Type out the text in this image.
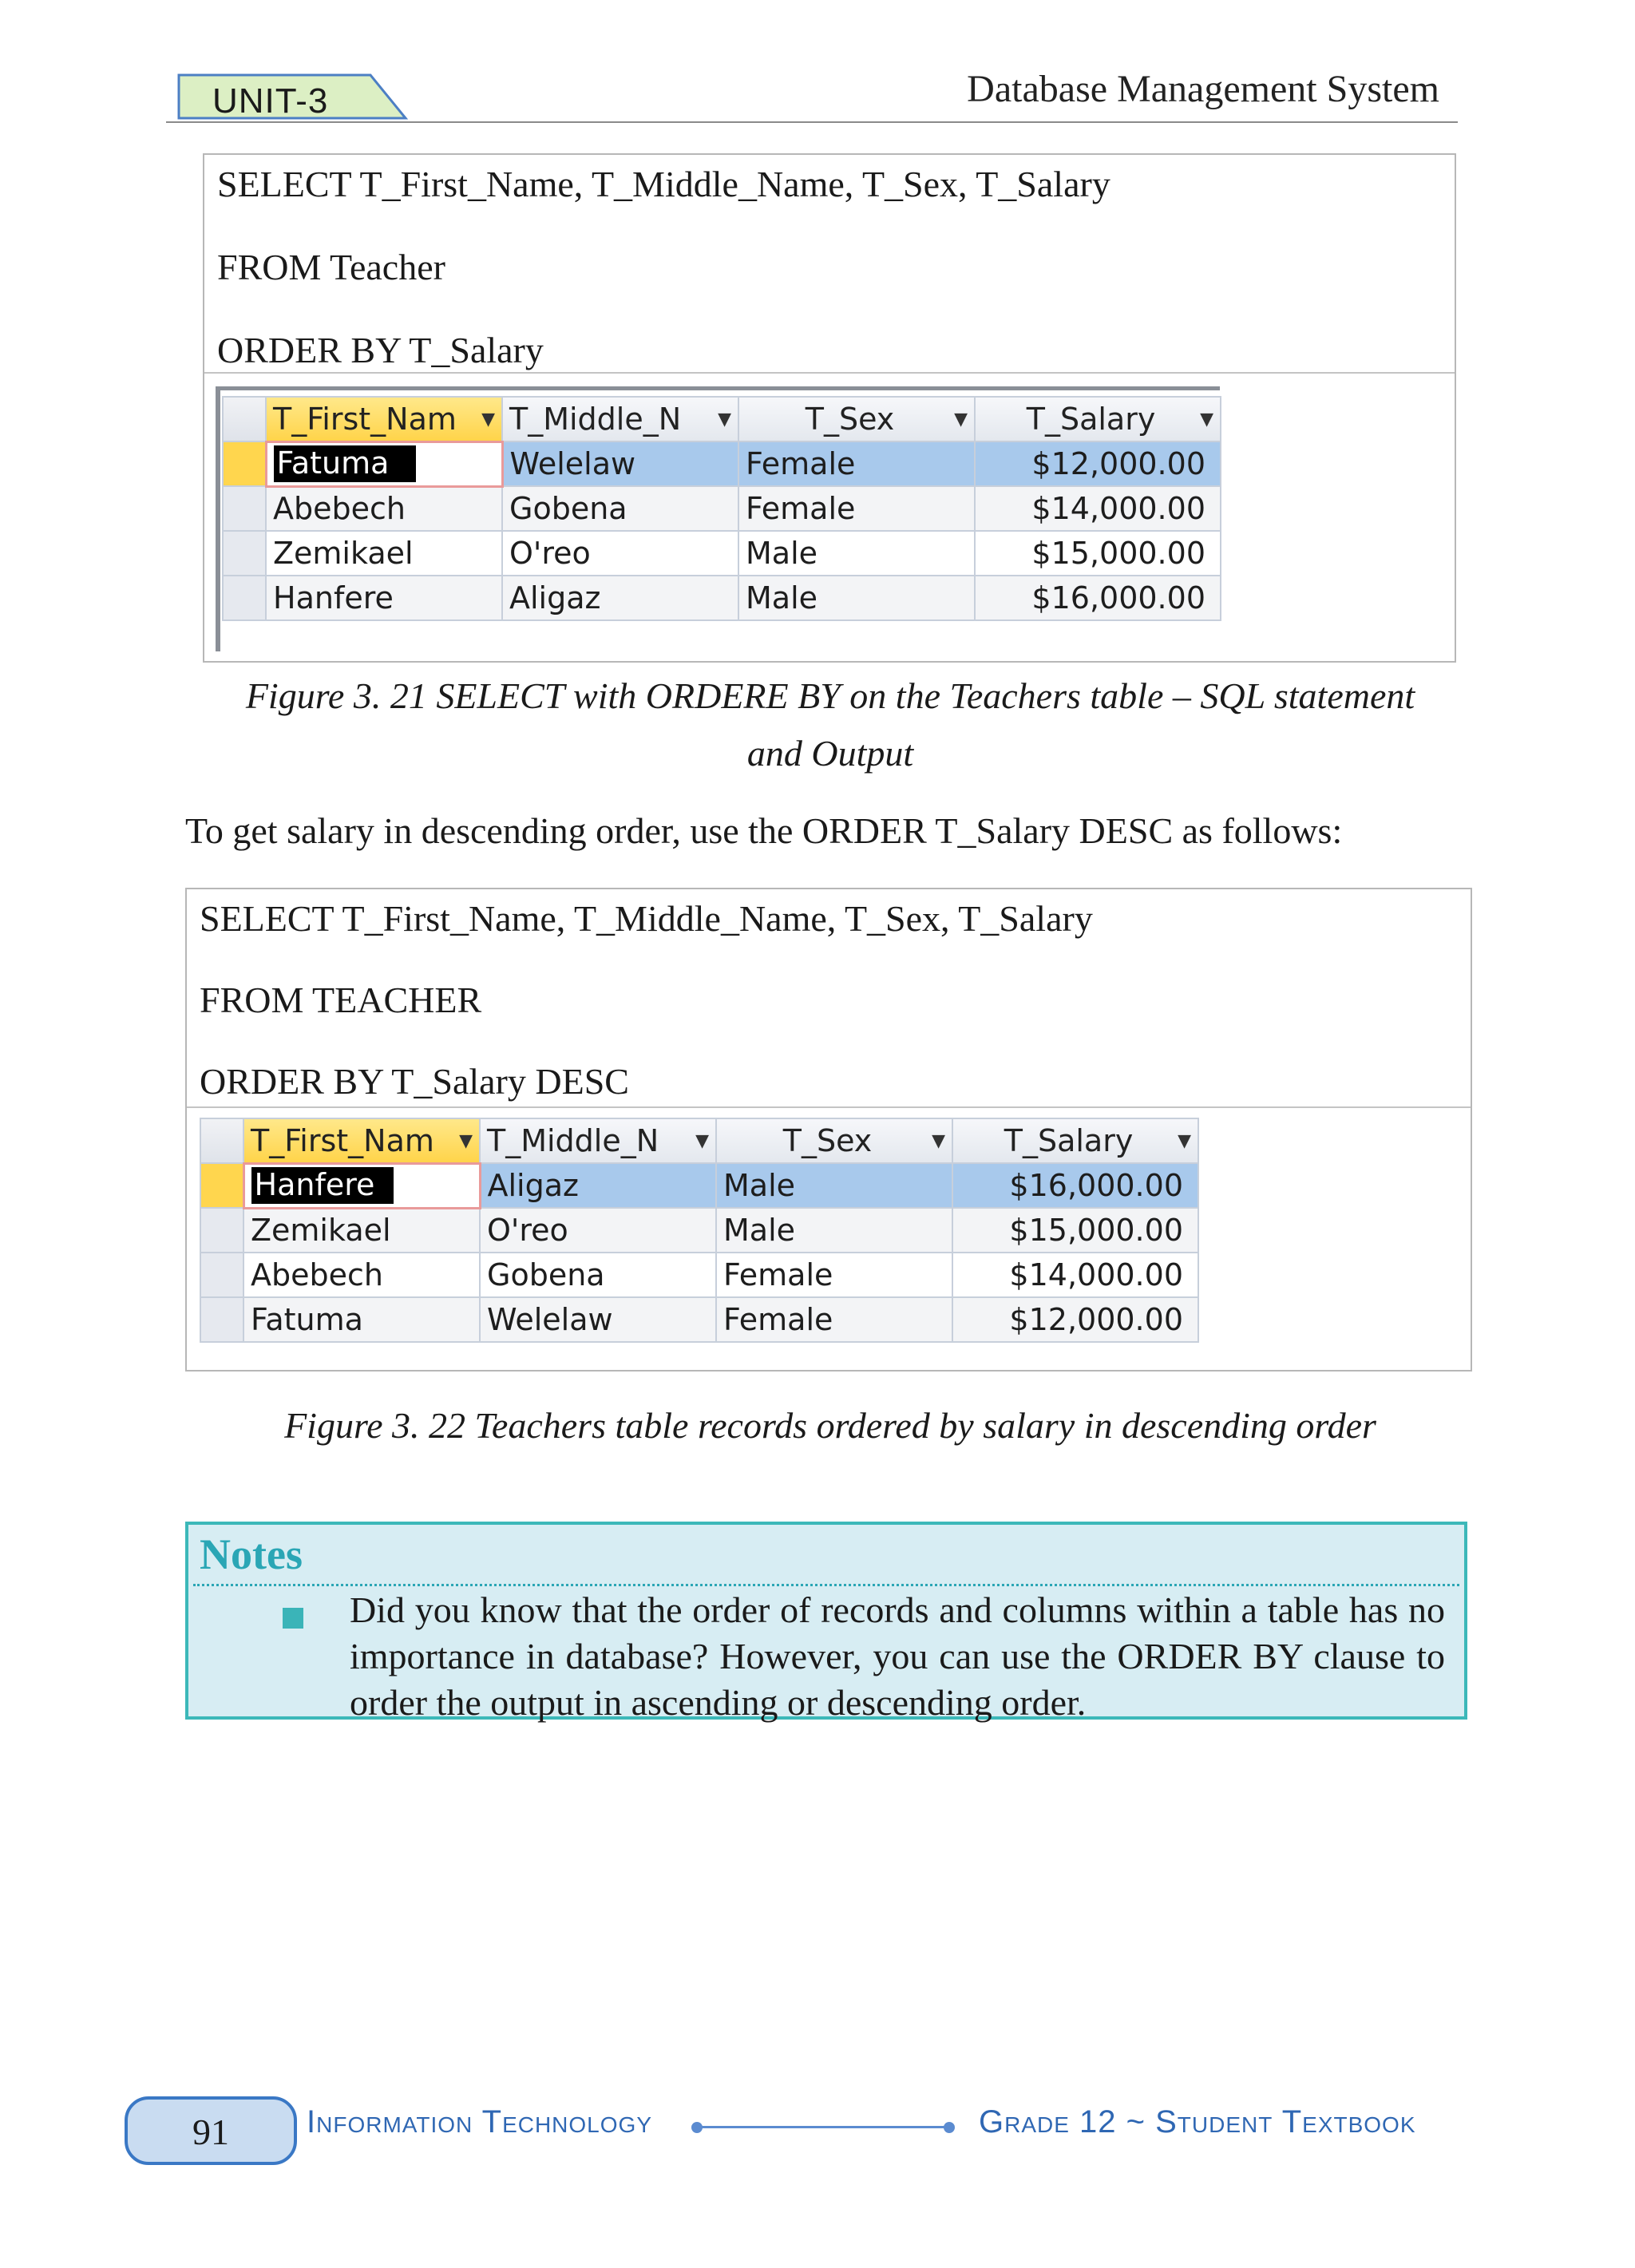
UNIT-3	Database Management System
SELECT T_First_Name, T_Middle_Name, T_Sex, T_Salary
FROM Teacher
ORDER BY T_Salary
	T_First_Nam ▼	T_Middle_N ▼	T_Sex ▼	T_Salary ▼

	Fatuma	Welelaw	Female	$12,000.00
	Abebech	Gobena	Female	$14,000.00
	Zemikael	O'reo	Male	$15,000.00
	Hanfere	Aligaz	Male	$16,000.00
Figure 3. 21 SELECT with ORDERE BY on the Teachers table – SQL statement
and Output
To get salary in descending order, use the ORDER T_Salary DESC as follows:
SELECT T_First_Name, T_Middle_Name, T_Sex, T_Salary
FROM TEACHER
ORDER BY T_Salary DESC
	T_First_Nam ▼	T_Middle_N ▼	T_Sex ▼	T_Salary ▼

	Hanfere	Aligaz	Male	$16,000.00
	Zemikael	O'reo	Male	$15,000.00
	Abebech	Gobena	Female	$14,000.00
	Fatuma	Welelaw	Female	$12,000.00
Figure 3. 22 Teachers table records ordered by salary in descending order
Notes
Did you know that the order of records and columns within a table has no importance in database? However, you can use the ORDER BY clause to order the output in ascending or descending order.
91	Information Technology	Grade 12 ~ Student Textbook
